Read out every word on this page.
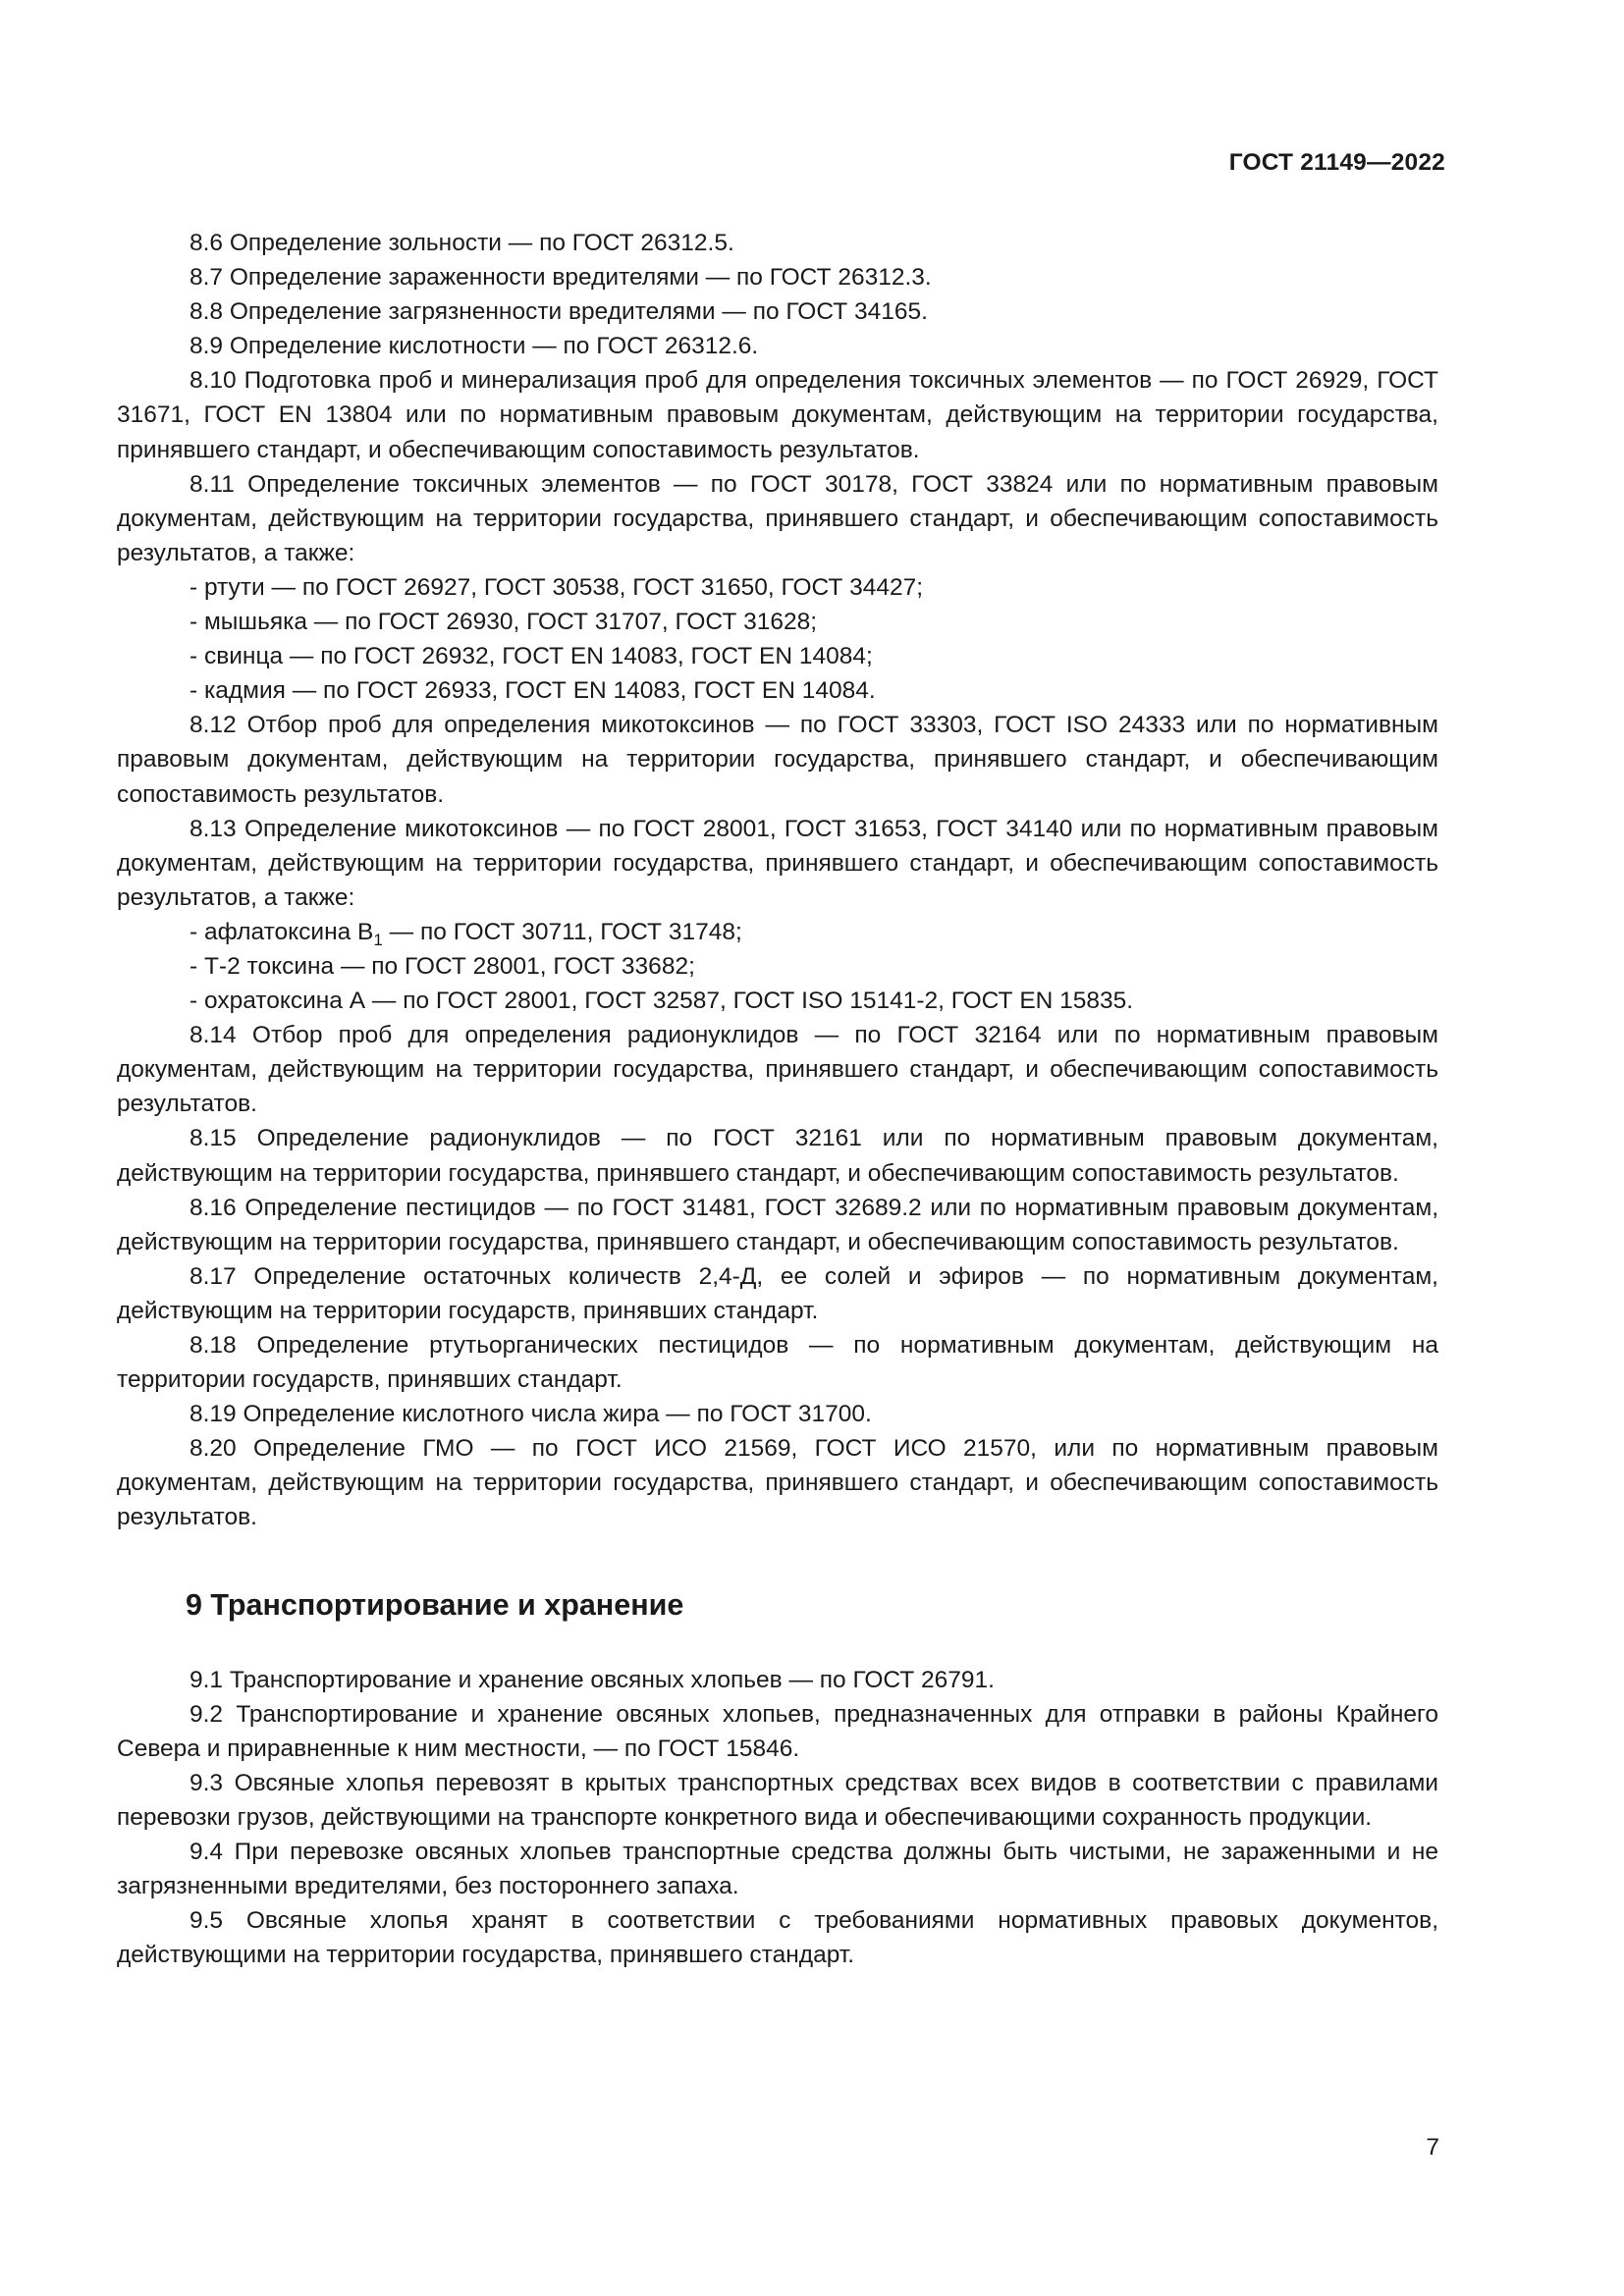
ГОСТ 21149—2022

8.6 Определение зольности — по ГОСТ 26312.5.

8.7 Определение зараженности вредителями — по ГОСТ 26312.3.

8.8 Определение загрязненности вредителями — по ГОСТ 34165.

8.9 Определение кислотности — по ГОСТ 26312.6.

8.10 Подготовка проб и минерализация проб для определения токсичных элементов — по ГОСТ 26929, ГОСТ 31671, ГОСТ EN 13804 или по нормативным правовым документам, действующим на территории государства, принявшего стандарт, и обеспечивающим сопоставимость результатов.

8.11 Определение токсичных элементов — по ГОСТ 30178, ГОСТ 33824 или по нормативным правовым документам, действующим на территории государства, принявшего стандарт, и обеспечивающим сопоставимость результатов, а также:

- ртути — по ГОСТ 26927, ГОСТ 30538, ГОСТ 31650, ГОСТ 34427;

- мышьяка — по ГОСТ 26930, ГОСТ 31707, ГОСТ 31628;

- свинца — по ГОСТ 26932, ГОСТ EN 14083, ГОСТ EN 14084;

- кадмия — по ГОСТ 26933, ГОСТ EN 14083, ГОСТ EN 14084.

8.12 Отбор проб для определения микотоксинов — по ГОСТ 33303, ГОСТ ISO 24333 или по нормативным правовым документам, действующим на территории государства, принявшего стандарт, и обеспечивающим сопоставимость результатов.

8.13 Определение микотоксинов — по ГОСТ 28001, ГОСТ 31653, ГОСТ 34140 или по нормативным правовым документам, действующим на территории государства, принявшего стандарт, и обеспечивающим сопоставимость результатов, а также:

- афлатоксина $B_1$ — по ГОСТ 30711, ГОСТ 31748;

- Т-2 токсина — по ГОСТ 28001, ГОСТ 33682;

- охратоксина А — по ГОСТ 28001, ГОСТ 32587, ГОСТ ISO 15141-2, ГОСТ EN 15835.

8.14 Отбор проб для определения радионуклидов — по ГОСТ 32164 или по нормативным правовым документам, действующим на территории государства, принявшего стандарт, и обеспечивающим сопоставимость результатов.

8.15 Определение радионуклидов — по ГОСТ 32161 или по нормативным правовым документам, действующим на территории государства, принявшего стандарт, и обеспечивающим сопоставимость результатов.

8.16 Определение пестицидов — по ГОСТ 31481, ГОСТ 32689.2 или по нормативным правовым документам, действующим на территории государства, принявшего стандарт, и обеспечивающим сопоставимость результатов.

8.17 Определение остаточных количеств 2,4-Д, ее солей и эфиров — по нормативным документам, действующим на территории государств, принявших стандарт.

8.18 Определение ртутьорганических пестицидов — по нормативным документам, действующим на территории государств, принявших стандарт.

8.19 Определение кислотного числа жира — по ГОСТ 31700.

8.20 Определение ГМО — по ГОСТ ИСО 21569, ГОСТ ИСО 21570, или по нормативным правовым документам, действующим на территории государства, принявшего стандарт, и обеспечивающим сопоставимость результатов.

9 Транспортирование и хранение

9.1 Транспортирование и хранение овсяных хлопьев — по ГОСТ 26791.

9.2 Транспортирование и хранение овсяных хлопьев, предназначенных для отправки в районы Крайнего Севера и приравненные к ним местности, — по ГОСТ 15846.

9.3 Овсяные хлопья перевозят в крытых транспортных средствах всех видов в соответствии с правилами перевозки грузов, действующими на транспорте конкретного вида и обеспечивающими сохранность продукции.

9.4 При перевозке овсяных хлопьев транспортные средства должны быть чистыми, не зараженными и не загрязненными вредителями, без постороннего запаха.

9.5 Овсяные хлопья хранят в соответствии с требованиями нормативных правовых документов, действующими на территории государства, принявшего стандарт.

7
